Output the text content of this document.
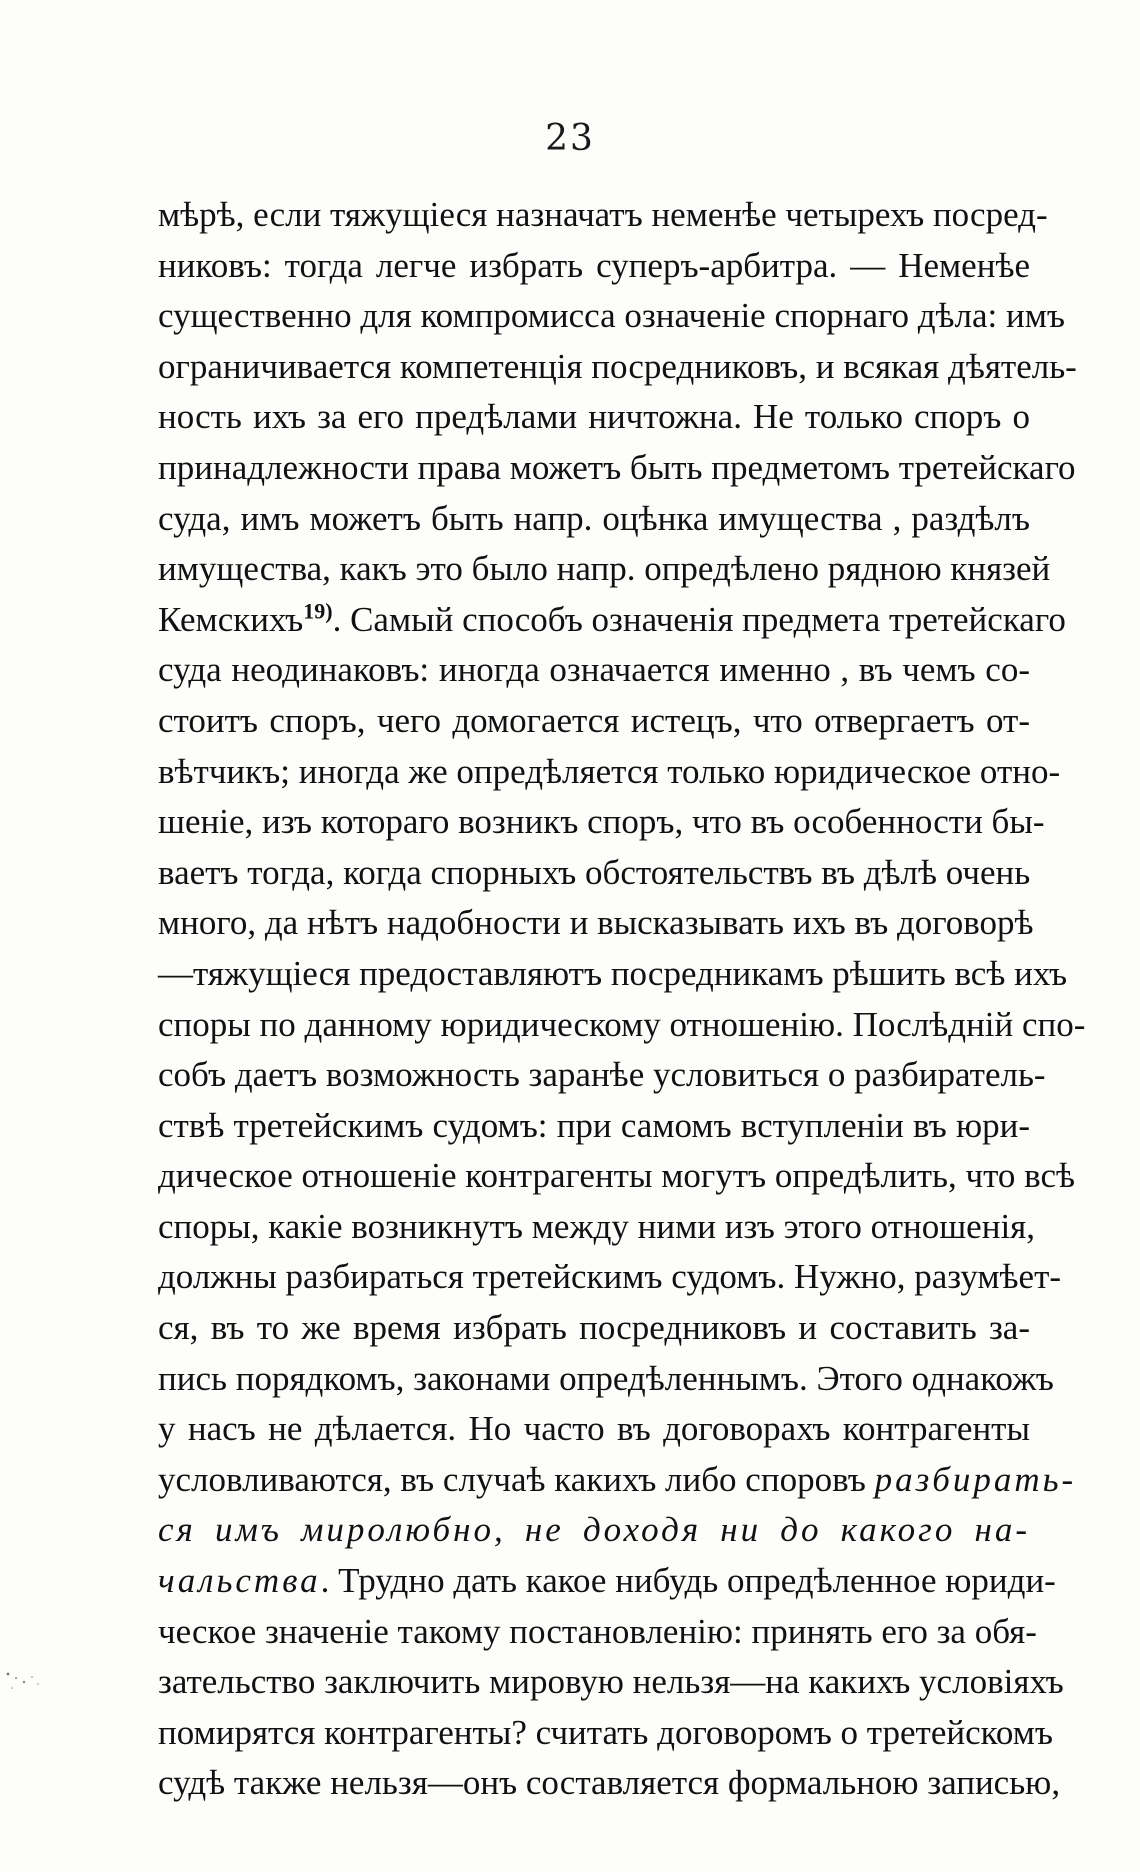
23
мѣрѣ, если тяжущіеся назначатъ неменѣе четырехъ посред-
никовъ: тогда легче избрать суперъ-арбитра. — Неменѣе
существенно для компромисса означеніе спорнаго дѣла: имъ
ограничивается компетенція посредниковъ, и всякая дѣятель-
ность ихъ за его предѣлами ничтожна. Не только споръ о
принадлежности права можетъ быть предметомъ третейскаго
суда, имъ можетъ быть напр. оцѣнка имущества , раздѣлъ
имущества, какъ это было напр. опредѣлено рядною князей
Кемскихъ$^{19)}$. Самый способъ означенія предмета третейскаго
суда неодинаковъ: иногда означается именно , въ чемъ со-
стоитъ споръ, чего домогается истецъ, что отвергаетъ от-
вѣтчикъ; иногда же опредѣляется только юридическое отно-
шеніе, изъ котораго возникъ споръ, что въ особенности бы-
ваетъ тогда, когда спорныхъ обстоятельствъ въ дѣлѣ очень
много, да нѣтъ надобности и высказывать ихъ въ договорѣ
—тяжущіеся предоставляютъ посредникамъ рѣшить всѣ ихъ
споры по данному юридическому отношенію. Послѣдній спо-
собъ даетъ возможность заранѣе условиться о разбиратель-
ствѣ третейскимъ судомъ: при самомъ вступленіи въ юри-
дическое отношеніе контрагенты могутъ опредѣлить, что всѣ
споры, какіе возникнутъ между ними изъ этого отношенія,
должны разбираться третейскимъ судомъ. Нужно, разумѣет-
ся, въ то же время избрать посредниковъ и составить за-
пись порядкомъ, законами опредѣленнымъ. Этого однакожъ
у насъ не дѣлается. Но часто въ договорахъ контрагенты
условливаются, въ случаѣ какихъ либо споровъ разбирать-
ся имъ миролюбно, не доходя ни до какого на-
чальства. Трудно дать какое нибудь опредѣленное юриди-
ческое значеніе такому постановленію: принять его за обя-
зательство заключить мировую нельзя—на какихъ условіяхъ
помирятся контрагенты? считать договоромъ о третейскомъ
судѣ также нельзя—онъ составляется формальною записью,
